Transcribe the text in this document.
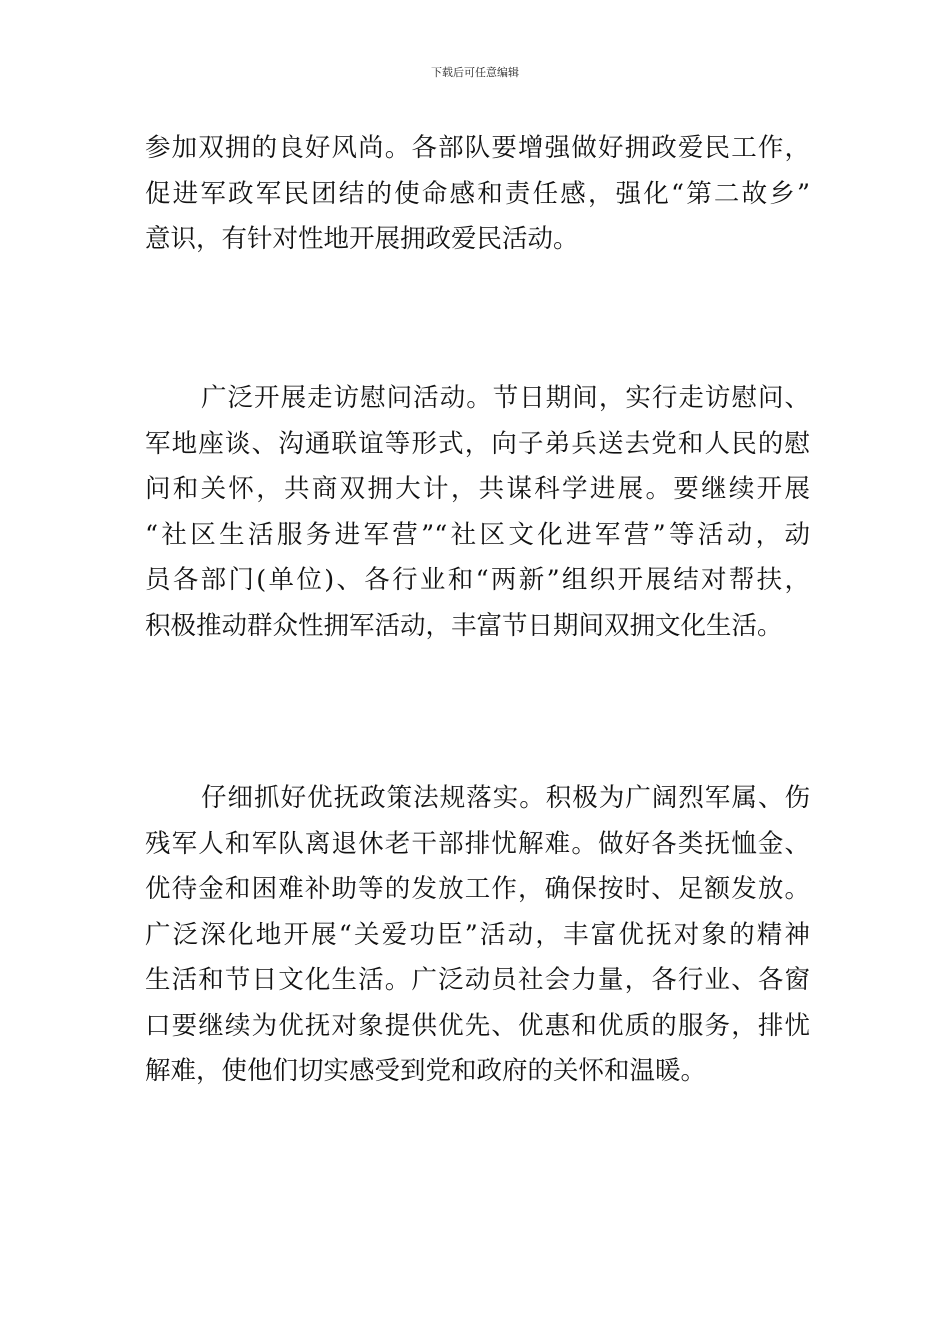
下载后可任意编辑
参加双拥的良好风尚。各部队要增强做好拥政爱民工作，
促进军政军民团结的使命感和责任感，强化“第二故乡”
意识，有针对性地开展拥政爱民活动。
广泛开展走访慰问活动。节日期间，实行走访慰问、
军地座谈、沟通联谊等形式，向子弟兵送去党和人民的慰
问和关怀，共商双拥大计，共谋科学进展。要继续开展
“社区生活服务进军营”“社区文化进军营”等活动，动
员各部门(单位)、各行业和“两新”组织开展结对帮扶，
积极推动群众性拥军活动，丰富节日期间双拥文化生活。
仔细抓好优抚政策法规落实。积极为广阔烈军属、伤
残军人和军队离退休老干部排忧解难。做好各类抚恤金、
优待金和困难补助等的发放工作，确保按时、足额发放。
广泛深化地开展“关爱功臣”活动，丰富优抚对象的精神
生活和节日文化生活。广泛动员社会力量，各行业、各窗
口要继续为优抚对象提供优先、优惠和优质的服务，排忧
解难，使他们切实感受到党和政府的关怀和温暖。
